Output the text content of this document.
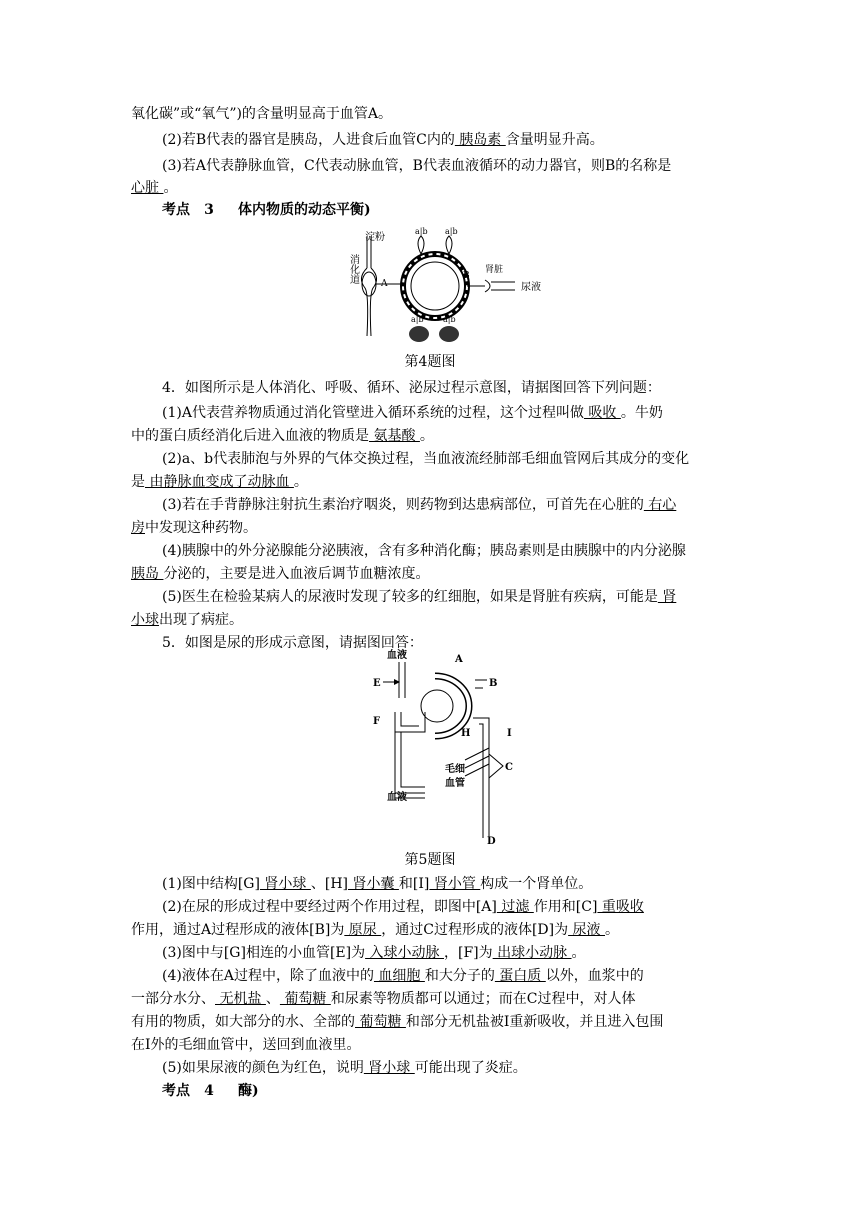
氧化碳”或“氧气”)的含量明显高于血管A。
(2)若B代表的器官是胰岛，人进食后血管C内的 胰岛素 含量明显升高。
(3)若A代表静脉血管，C代表动脉血管，B代表血液循环的动力器官，则B的名称是
心脏 。
考点 3 体内物质的动态平衡)
淀粉
消化道	A
B
肾脏
尿液
a|b a|b
a|b a|b
第4题图
4．如图所示是人体消化、呼吸、循环、泌尿过程示意图，请据图回答下列问题：
(1)A代表营养物质通过消化管壁进入循环系统的过程，这个过程叫做 吸收 。牛奶
中的蛋白质经消化后进入血液的物质是 氨基酸 。
(2)a、b代表肺泡与外界的气体交换过程，当血液流经肺部毛细血管网后其成分的变化
是 由静脉血变成了动脉血 。
(3)若在手背静脉注射抗生素治疗咽炎，则药物到达患病部位，可首先在心脏的 右心
房中发现这种药物。
(4)胰腺中的外分泌腺能分泌胰液，含有多种消化酶；胰岛素则是由胰腺中的内分泌腺
胰岛 分泌的，主要是进入血液后调节血糖浓度。
(5)医生在检验某病人的尿液时发现了较多的红细胞，如果是肾脏有疾病，可能是 肾
小球出现了病症。
5．如图是尿的形成示意图，请据图回答：
血液	A
B
E
F
H	I
C
毛细
血管
血液
D
第5题图
(1)图中结构[G] 肾小球 、[H] 肾小囊 和[I] 肾小管 构成一个肾单位。
(2)在尿的形成过程中要经过两个作用过程，即图中[A] 过滤 作用和[C] 重吸收
作用，通过A过程形成的液体[B]为 原尿 ，通过C过程形成的液体[D]为 尿液 。
(3)图中与[G]相连的小血管[E]为 入球小动脉 ，[F]为 出球小动脉 。
(4)液体在A过程中，除了血液中的 血细胞 和大分子的 蛋白质 以外，血浆中的
一部分水分、 无机盐 、 葡萄糖 和尿素等物质都可以通过；而在C过程中，对人体
有用的物质，如大部分的水、全部的 葡萄糖 和部分无机盐被I重新吸收，并且进入包围
在I外的毛细血管中，送回到血液里。
(5)如果尿液的颜色为红色，说明 肾小球 可能出现了炎症。
考点 4 酶)
